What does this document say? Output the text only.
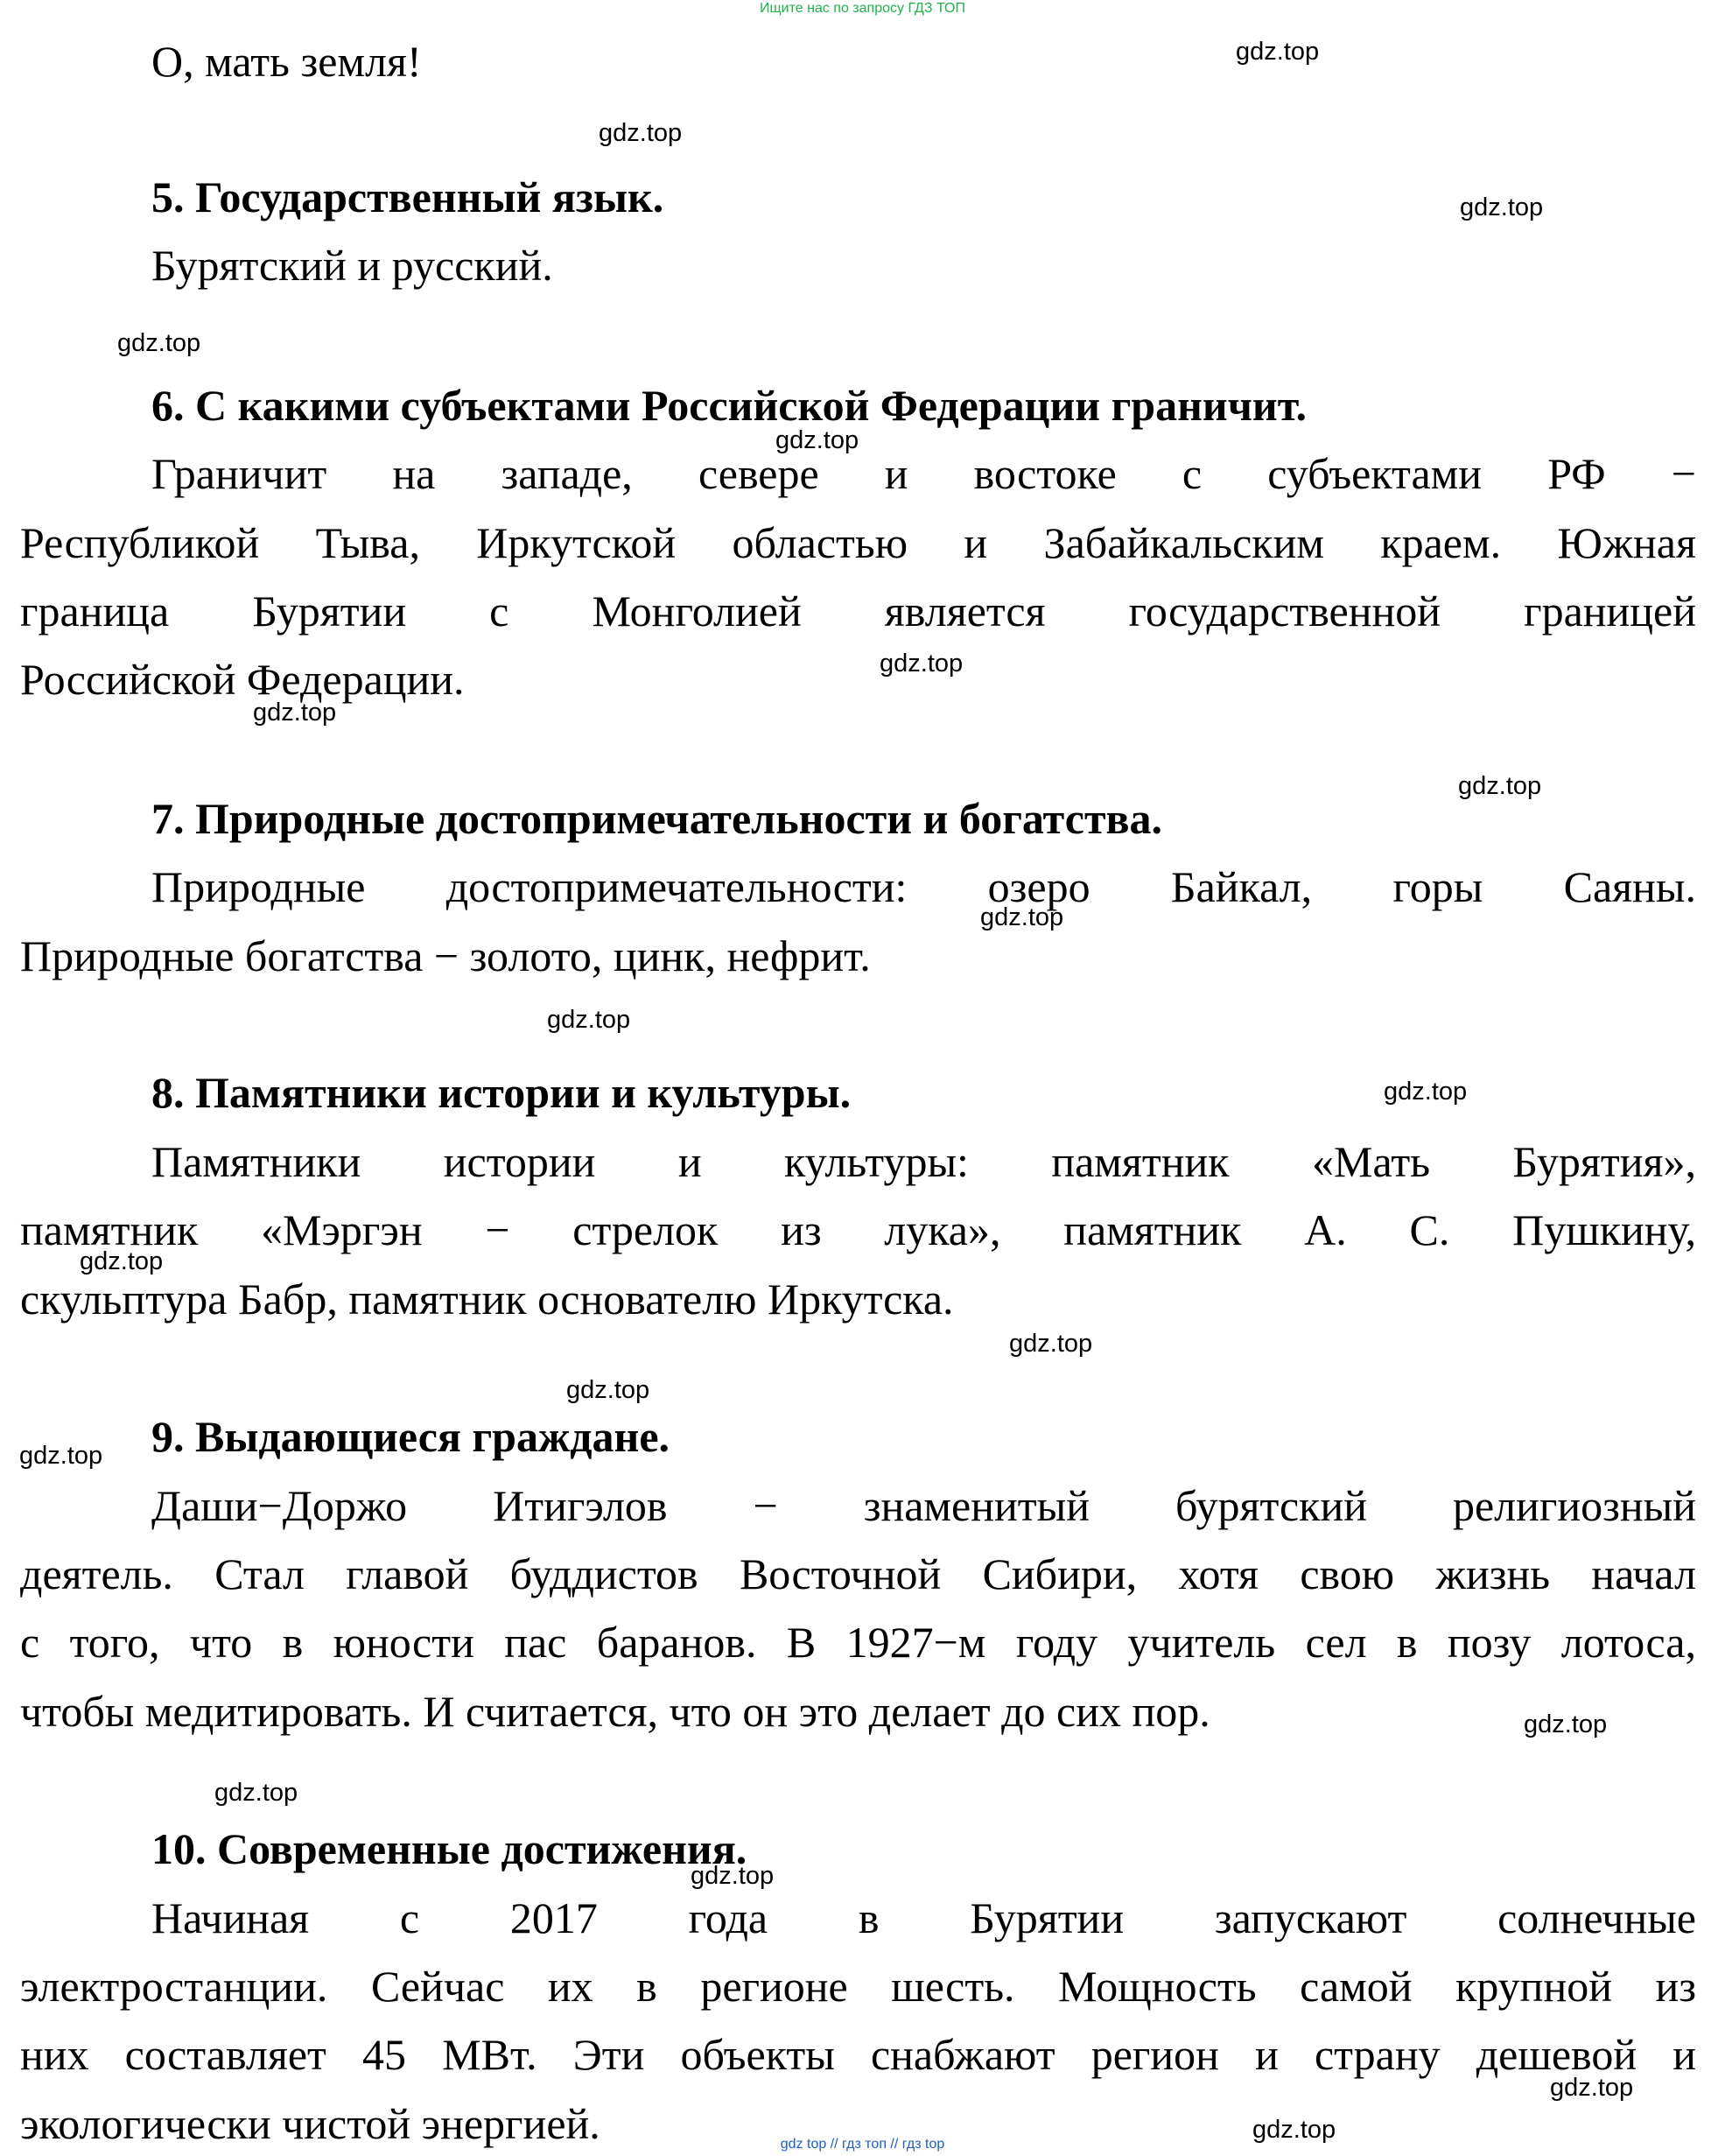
Ищите нас по запросу ГДЗ ТОП
О, мать земля!
5. Государственный язык.
Бурятский и русский.
6. С какими субъектами Российской Федерации граничит.
Граничит на западе, севере и востоке с субъектами РФ −
Республикой Тыва, Иркутской областью и Забайкальским краем. Южная
граница Бурятии с Монголией является государственной границей
Российской Федерации.
7. Природные достопримечательности и богатства.
Природные достопримечательности: озеро Байкал, горы Саяны.
Природные богатства − золото, цинк, нефрит.
8. Памятники истории и культуры.
Памятники истории и культуры: памятник «Мать Бурятия»,
памятник «Мэргэн − стрелок из лука», памятник А. С. Пушкину,
скульптура Бабр, памятник основателю Иркутска.
9. Выдающиеся граждане.
Даши−Доржо Итигэлов − знаменитый бурятский религиозный
деятель. Стал главой буддистов Восточной Сибири, хотя свою жизнь начал
с того, что в юности пас баранов. В 1927−м году учитель сел в позу лотоса,
чтобы медитировать. И считается, что он это делает до сих пор.
10. Современные достижения.
Начиная с 2017 года в Бурятии запускают солнечные
электростанции. Сейчас их в регионе шесть. Мощность самой крупной из
них составляет 45 МВт. Эти объекты снабжают регион и страну дешевой и
экологически чистой энергией.
gdz.top
gdz.top
gdz.top
gdz.top
gdz.top
gdz.top
gdz.top
gdz.top
gdz.top
gdz.top
gdz.top
gdz.top
gdz.top
gdz.top
gdz.top
gdz.top
gdz.top
gdz.top
gdz.top
gdz.top
gdz top // гдз топ // гдз top
